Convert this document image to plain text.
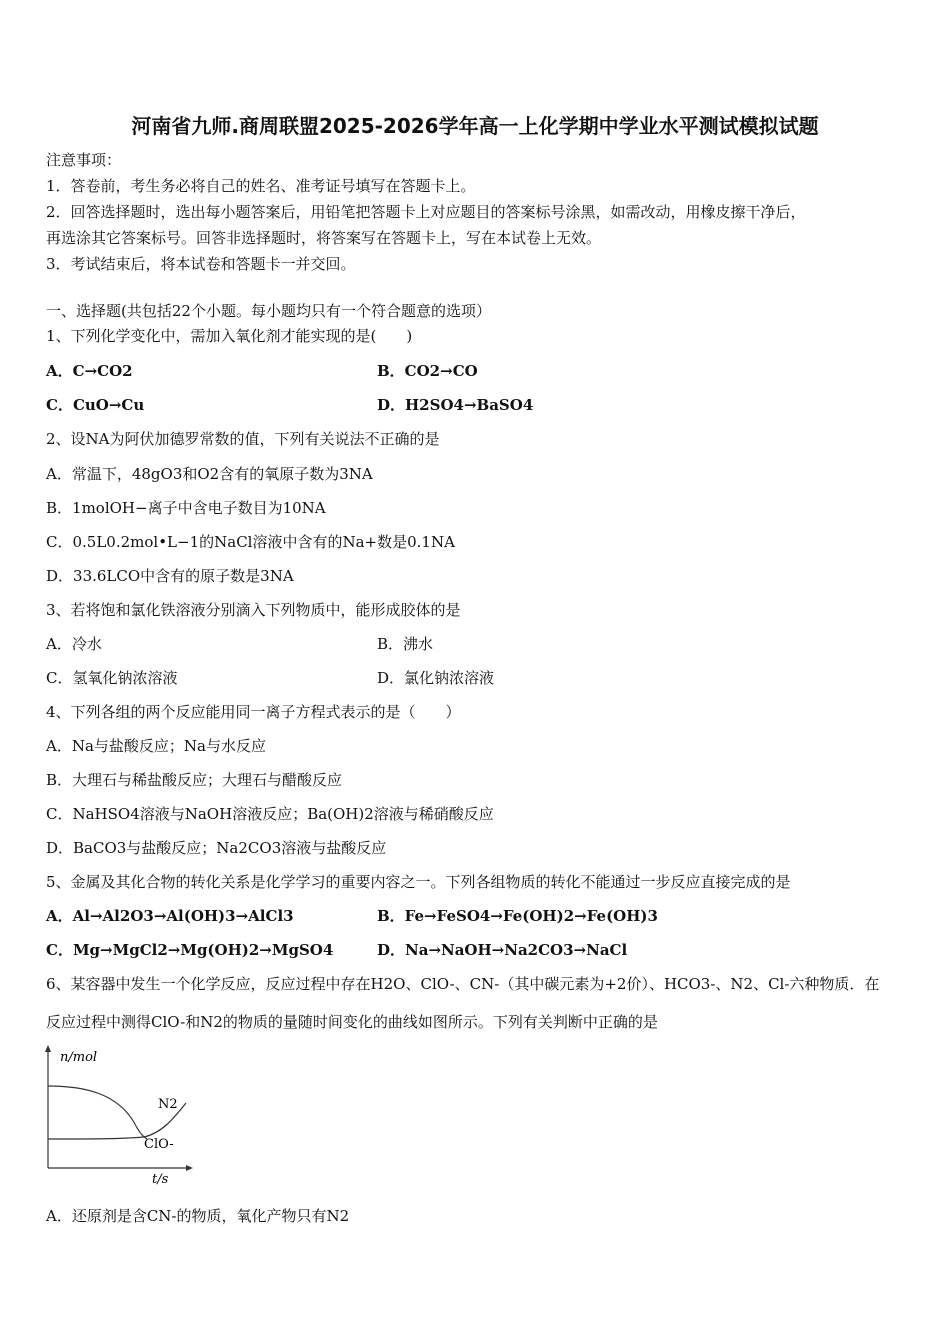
河南省九师.商周联盟2025-2026学年高一上化学期中学业水平测试模拟试题
注意事项：
1．答卷前，考生务必将自己的姓名、准考证号填写在答题卡上。
2．回答选择题时，选出每小题答案后，用铅笔把答题卡上对应题目的答案标号涂黑，如需改动，用橡皮擦干净后，
再选涂其它答案标号。回答非选择题时，将答案写在答题卡上，写在本试卷上无效。
3．考试结束后，将本试卷和答题卡一并交回。
一、选择题(共包括22个小题。每小题均只有一个符合题意的选项）
1、下列化学变化中，需加入氧化剂才能实现的是(　　)
A．C→CO2	B．CO2→CO
C．CuO→Cu	D．H2SO4→BaSO4
2、设NA为阿伏加德罗常数的值，下列有关说法不正确的是
A．常温下，48gO3和O2含有的氧原子数为3NA
B．1molOH−离子中含电子数目为10NA
C．0.5L0.2mol•L−1的NaCl溶液中含有的Na+数是0.1NA
D．33.6LCO中含有的原子数是3NA
3、若将饱和氯化铁溶液分别滴入下列物质中，能形成胶体的是
A．冷水	B．沸水
C．氢氧化钠浓溶液	D．氯化钠浓溶液
4、下列各组的两个反应能用同一离子方程式表示的是（　　）
A．Na与盐酸反应；Na与水反应
B．大理石与稀盐酸反应；大理石与醋酸反应
C．NaHSO4溶液与NaOH溶液反应；Ba(OH)2溶液与稀硝酸反应
D．BaCO3与盐酸反应；Na2CO3溶液与盐酸反应
5、金属及其化合物的转化关系是化学学习的重要内容之一。下列各组物质的转化不能通过一步反应直接完成的是
A．Al→Al2O3→Al(OH)3→AlCl3	B．Fe→FeSO4→Fe(OH)2→Fe(OH)3
C．Mg→MgCl2→Mg(OH)2→MgSO4	D．Na→NaOH→Na2CO3→NaCl
6、某容器中发生一个化学反应，反应过程中存在H2O、ClO-、CN-（其中碳元素为+2价）、HCO3-、N2、Cl-六种物质．在
反应过程中测得ClO-和N2的物质的量随时间变化的曲线如图所示。下列有关判断中正确的是
n/mol
t/s
N2
ClO-
A．还原剂是含CN-的物质，氧化产物只有N2
